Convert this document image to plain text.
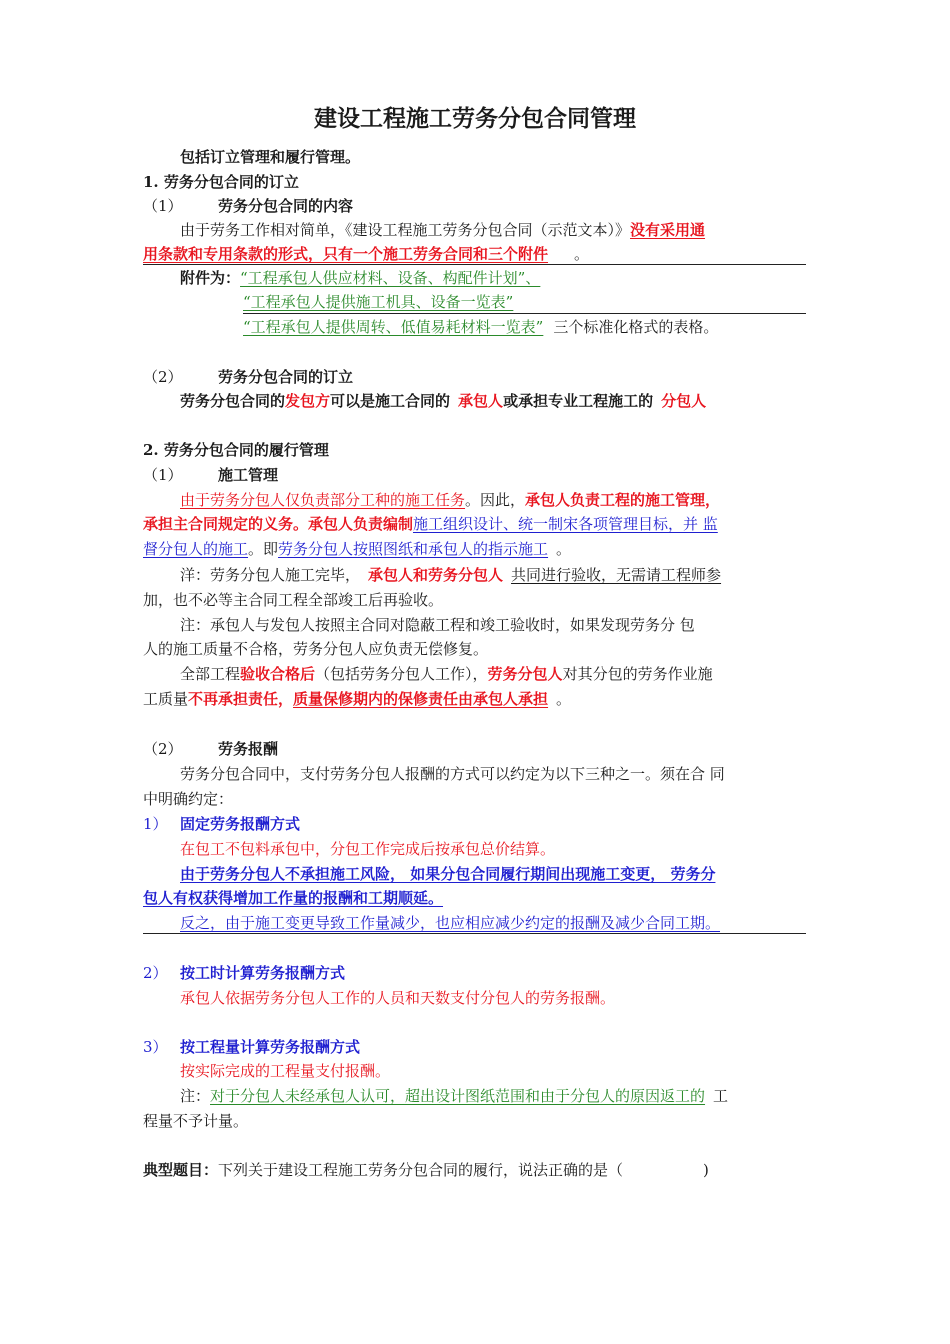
建设工程施工劳务分包合同管理
包括订立管理和履行管理。
1. 劳务分包合同的订立
（1） 劳务分包合同的内容
由于劳务工作相对简单，《建设工程施工劳务分包合同（示范文本）》没有采用通
用条款和专用条款的形式，只有一个施工劳务合同和三个附件 。
附件为：“工程承包人供应材料、设备、构配件计划”、
“工程承包人提供施工机具、设备一览表”
“工程承包人提供周转、低值易耗材料一览表” 三个标准化格式的表格。
（2） 劳务分包合同的订立
劳务分包合同的发包方可以是施工合同的 承包人或承担专业工程施工的 分包人
2. 劳务分包合同的履行管理
（1） 施工管理
由于劳务分包人仅负责部分工种的施工任务。因此，承包人负责工程的施工管理，
承担主合同规定的义务。承包人负责编制施工组织设计、统一制宋各项管理目标，并 监
督分包人的施工。即劳务分包人按照图纸和承包人的指示施工 。
洋：劳务分包人施工完毕， 承包人和劳务分包人 共同进行验收，无需请工程师参
加，也不必等主合同工程全部竣工后再验收。
注：承包人与发包人按照主合同对隐蔽工程和竣工验收时，如果发现劳务分 包
人的施工质量不合格，劳务分包人应负责无偿修复。
全部工程验收合格后（包括劳务分包人工作），劳务分包人对其分包的劳务作业施
工质量不再承担责任，质量保修期内的保修责任由承包人承担 。
（2） 劳务报酬
劳务分包合同中，支付劳务分包人报酬的方式可以约定为以下三种之一。须在合 同
中明确约定：
1） 固定劳务报酬方式
在包工不包料承包中，分包工作完成后按承包总价结算。
由于劳务分包人不承担施工风险， 如果分包合同履行期间出现施工变更， 劳务分
包人有权获得增加工作量的报酬和工期顺延。
反之，由于施工变更导致工作量减少，也应相应减少约定的报酬及减少合同工期。
2） 按工时计算劳务报酬方式
承包人依据劳务分包人工作的人员和天数支付分包人的劳务报酬。
3） 按工程量计算劳务报酬方式
按实际完成的工程量支付报酬。
注：对于分包人未经承包人认可，超出设计图纸范围和由于分包人的原因返工的 工
程量不予计量。
典型题目：下列关于建设工程施工劳务分包合同的履行，说法正确的是（	)
